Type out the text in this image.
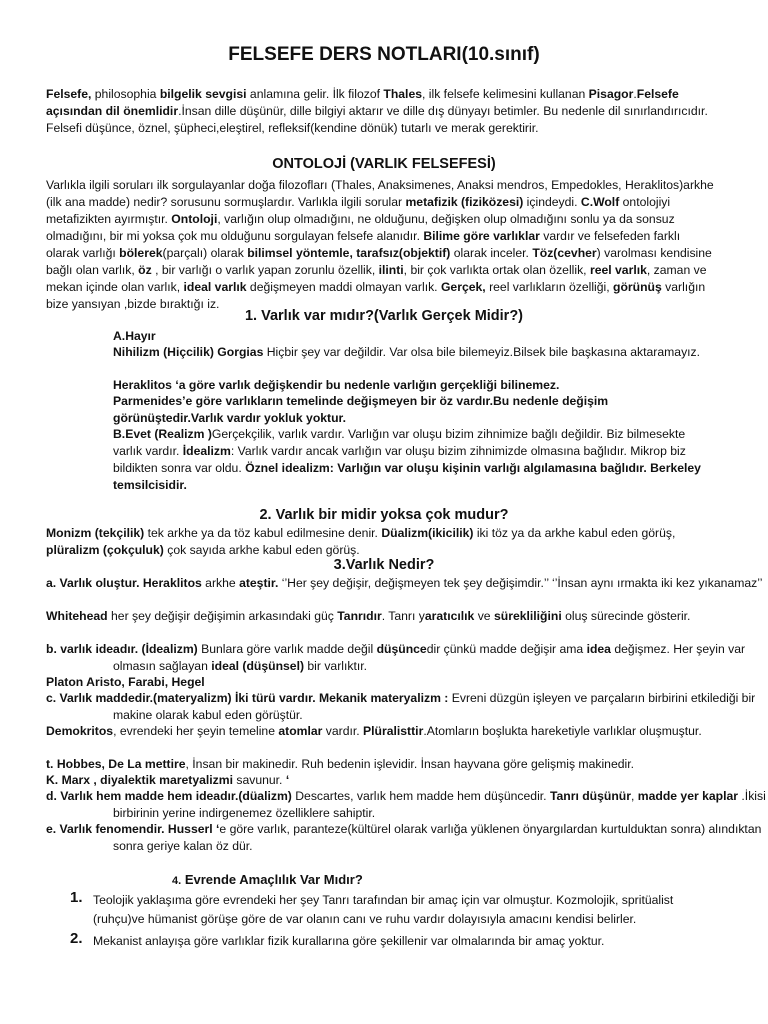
FELSEFE DERS NOTLARI(10.sınıf)

Felsefe, philosophia bilgelik sevgisi anlamına gelir. İlk filozof Thales, ilk felsefe kelimesini kullanan Pisagor.Felsefe açısından dil önemlidir.İnsan dille düşünür, dille bilgiyi aktarır ve dille dış dünyayı betimler. Bu nedenle dil sınırlandırıcıdır. Felsefi düşünce, öznel, şüpheci,eleştirel, refleksif(kendine dönük) tutarlı ve merak gerektirir.

ONTOLOJİ (VARLIK FELSEFESİ)

Varlıkla ilgili soruları ilk sorgulayanlar doğa filozofları (Thales, Anaksimenes, Anaksi mendros, Empedokles, Heraklitos)arkhe (ilk ana madde) nedir? sorusunu sormuşlardır. Varlıkla ilgili sorular metafizik (fiziközesi) içindeydi. C.Wolf ontolojiyi metafizikten ayırmıştır. Ontoloji, varlığın olup olmadığını, ne olduğunu, değişken olup olmadığını sonlu ya da sonsuz olmadığını, bir mi yoksa çok mu olduğunu sorgulayan felsefe alanıdır. Bilime göre varlıklar vardır ve felsefeden farklı olarak varlığı bölerek(parçalı) olarak bilimsel yöntemle, tarafsız(objektif) olarak inceler. Töz(cevher) varolması kendisine bağlı olan varlık, öz , bir varlığı o varlık yapan zorunlu özellik, ilinti, bir çok varlıkta ortak olan özellik, reel varlık, zaman ve mekan içinde olan varlık, ideal varlık değişmeyen maddi olmayan varlık. Gerçek, reel varlıkların özelliği, görünüş varlığın bize yansıyan ,bizde bıraktığı iz.

1. Varlık var mıdır?(Varlık Gerçek Midir?)

A.Hayır

Nihilizm (Hiçcilik) Gorgias Hiçbir şey var değildir. Var olsa bile bilemeyiz.Bilsek bile başkasına aktaramayız.

Heraklitos ‘a göre varlık değişkendir bu nedenle varlığın gerçekliği bilinemez.

Parmenides’e göre varlıkların temelinde değişmeyen bir öz vardır.Bu nedenle değişim görünüştedir.Varlık vardır yokluk yoktur.

B.Evet (Realizm )Gerçekçilik, varlık vardır. Varlığın var oluşu bizim zihnimize bağlı değildir. Biz bilmesekte varlık vardır. İdealizm: Varlık vardır ancak varlığın var oluşu bizim zihnimizde olmasına bağlıdır. Mikrop biz bildikten sonra var oldu. Öznel idealizm: Varlığın var oluşu kişinin varlığı algılamasına bağlıdır. Berkeley temsilcisidir.

2. Varlık bir midir yoksa çok mudur?

Monizm (tekçilik) tek arkhe ya da töz kabul edilmesine denir. Düalizm(ikicilik) iki töz ya da arkhe kabul eden görüş, plüralizm (çokçuluk) çok sayıda arkhe kabul eden görüş.

3.Varlık Nedir?

a. Varlık oluştur. Heraklitos arkhe ateştir. ‘’Her şey değişir, değişmeyen tek şey değişimdir.’’ ‘’İnsan aynı ırmakta iki kez yıkanamaz’’

Whitehead her şey değişir değişimin arkasındaki güç Tanrıdır. Tanrı yaratıcılık ve sürekliliğini oluş sürecinde gösterir.

b. varlık ideadır. (İdealizm) Bunlara göre varlık madde değil düşüncedir çünkü madde değişir ama idea değişmez. Her şeyin var olmasın sağlayan ideal (düşünsel) bir varlıktır.

Platon Aristo, Farabi, Hegel

c. Varlık maddedir.(materyalizm) İki türü vardır. Mekanik materyalizm : Evreni düzgün işleyen ve parçaların birbirini etkilediği bir makine olarak kabul eden görüştür.

Demokritos, evrendeki her şeyin temeline atomlar vardır. Plüralisttir.Atomların boşlukta hareketiyle varlıklar oluşmuştur.

t. Hobbes, De La mettire, İnsan bir makinedir. Ruh bedenin işlevidir. İnsan hayvana göre gelişmiş makinedir.

K. Marx , diyalektik maretyalizmi savunur. ‘

d. Varlık hem madde hem ideadır.(düalizm) Descartes, varlık hem madde hem düşüncedir. Tanrı düşünür, madde yer kaplar .İkisi birbirinin yerine indirgenemez özelliklere sahiptir.

e. Varlık fenomendir. Husserl ‘e göre varlık, paranteze(kültürel olarak varlığa yüklenen önyargılardan kurtulduktan sonra) alındıktan sonra geriye kalan öz dür.

4. Evrende Amaçlılık Var Mıdır?
1. Teolojik yaklaşıma göre evrendeki her şey Tanrı tarafından bir amaç için var olmuştur. Kozmolojik, spritüalist (ruhçu)ve hümanist görüşe göre de var olanın canı ve ruhu vardır dolayısıyla amacını kendisi belirler.

2. Mekanist anlayışa göre varlıklar fizik kurallarına göre şekillenir var olmalarında bir amaç yoktur.
